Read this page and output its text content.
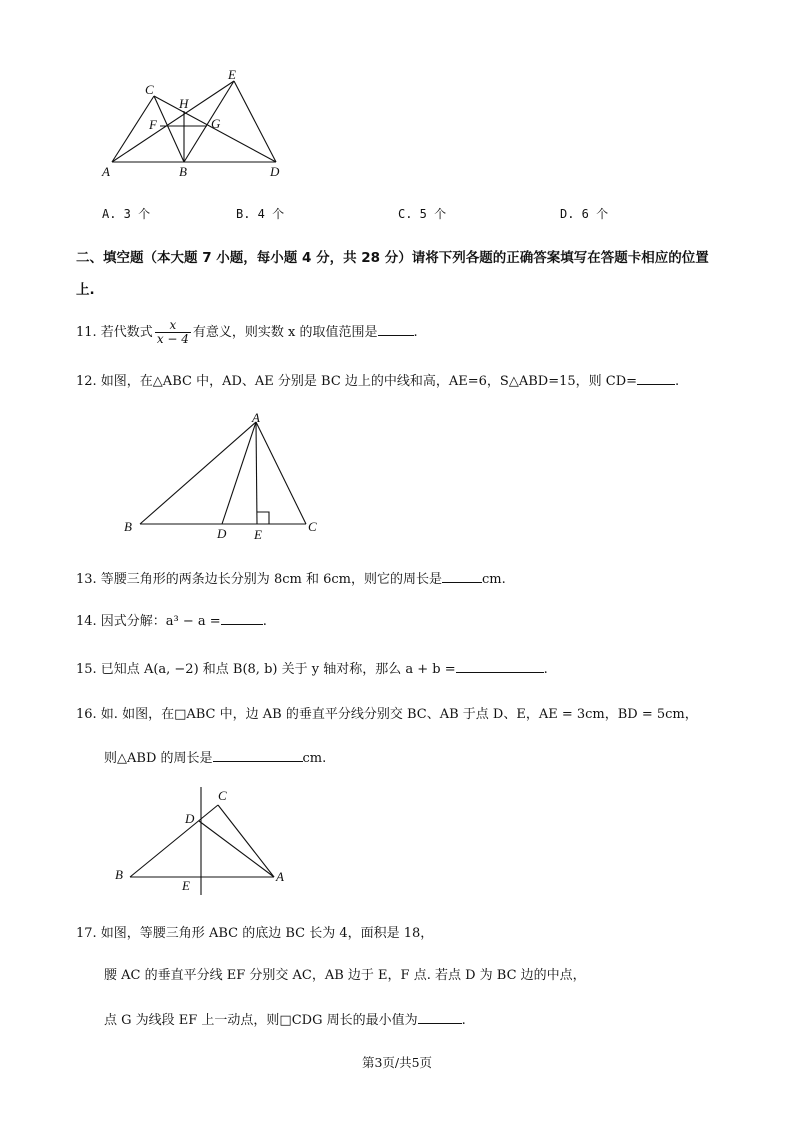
A	B
C
D
E
F	G
H
A. 3 个	B. 4 个	C. 5 个	D. 6 个
二、填空题（本大题 7 小题，每小题 4 分，共 28 分）请将下列各题的正确答案填写在答题卡相应的位置
上.
11. 若代数式 $\frac{x}{x - 4}$ 有意义，则实数 x 的取值范围是	.
12. 如图，在△ABC 中，AD、AE 分别是 BC 边上的中线和高，AE=6，S△ABD=15，则 CD=	.
A
B	C
D E
13. 等腰三角形的两条边长分别为 8cm 和 6cm，则它的周长是	cm.
14. 因式分解：a³ − a =	.
15. 已知点 A(a, −2) 和点 B(8, b) 关于 y 轴对称，那么 a + b =	.
16. 如. 如图，在□ABC 中，边 AB 的垂直平分线分别交 BC、AB 于点 D、E，AE = 3cm，BD = 5cm，
则△ABD 的周长是	cm.
A
B
C
D
E
17. 如图，等腰三角形 ABC 的底边 BC 长为 4，面积是 18，
腰 AC 的垂直平分线 EF 分别交 AC，AB 边于 E，F 点. 若点 D 为 BC 边的中点，
点 G 为线段 EF 上一动点，则□CDG 周长的最小值为	.
第3页/共5页
